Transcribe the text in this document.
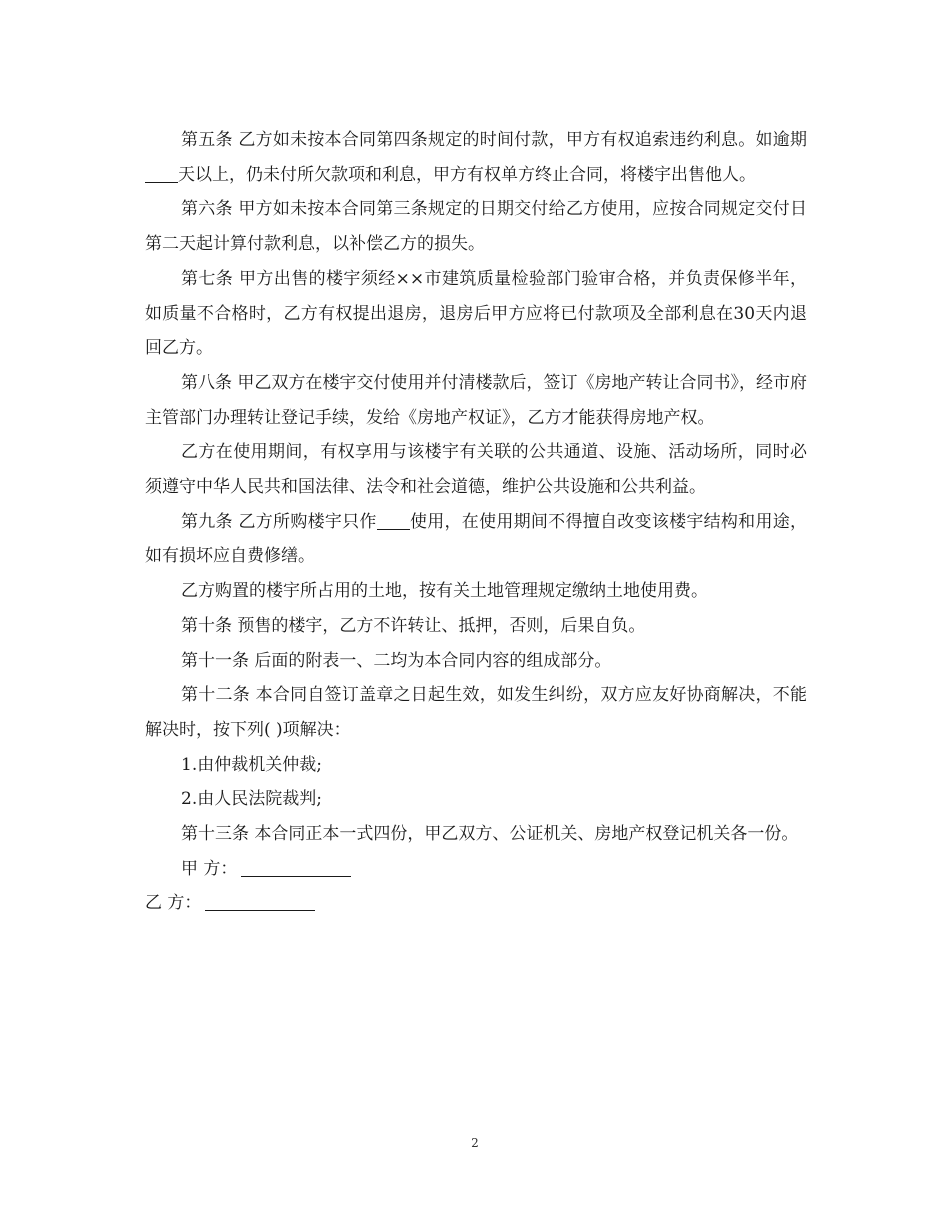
第五条 乙方如未按本合同第四条规定的时间付款，甲方有权追索违约利息。如逾期天以上，仍未付所欠款项和利息，甲方有权单方终止合同，将楼宇出售他人。

第六条 甲方如未按本合同第三条规定的日期交付给乙方使用，应按合同规定交付日第二天起计算付款利息，以补偿乙方的损失。

第七条 甲方出售的楼宇须经××市建筑质量检验部门验审合格，并负责保修半年，如质量不合格时，乙方有权提出退房，退房后甲方应将已付款项及全部利息在30天内退回乙方。

第八条 甲乙双方在楼宇交付使用并付清楼款后，签订《房地产转让合同书》，经市府主管部门办理转让登记手续，发给《房地产权证》，乙方才能获得房地产权。

乙方在使用期间，有权享用与该楼宇有关联的公共通道、设施、活动场所，同时必须遵守中华人民共和国法律、法令和社会道德，维护公共设施和公共利益。

第九条 乙方所购楼宇只作 使用，在使用期间不得擅自改变该楼宇结构和用途，如有损坏应自费修缮。

乙方购置的楼宇所占用的土地，按有关土地管理规定缴纳土地使用费。

第十条 预售的楼宇，乙方不许转让、抵押，否则，后果自负。

第十一条 后面的附表一、二均为本合同内容的组成部分。

第十二条 本合同自签订盖章之日起生效，如发生纠纷，双方应友好协商解决，不能解决时，按下列( )项解决：

1.由仲裁机关仲裁;

2.由人民法院裁判;

第十三条 本合同正本一式四份，甲乙双方、公证机关、房地产权登记机关各一份。

甲 方：

乙 方：

2
